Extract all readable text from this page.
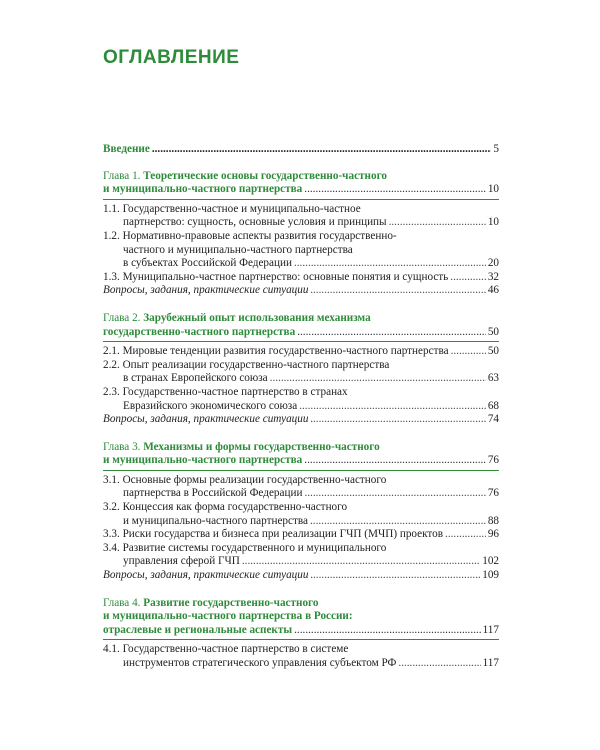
ОГЛАВЛЕНИЕ
Введение .....	5
Глава 1. Теоретические основы государственно-частного
и муниципально-частного партнерства .....	10
1.1. Государственно-частное и муниципально-частное
партнерство: сущность, основные условия и принципы .....	10
1.2. Нормативно-правовые аспекты развития государственно-
частного и муниципально-частного партнерства
в субъектах Российской Федерации .....	20
1.3. Муниципально-частное партнерство: основные понятия и сущность .....	32
Вопросы, задания, практические ситуации .....	46
Глава 2. Зарубежный опыт использования механизма
государственно-частного партнерства .....	50
2.1. Мировые тенденции развития государственно-частного партнерства .....	50
2.2. Опыт реализации государственно-частного партнерства
в странах Европейского союза .....	63
2.3. Государственно-частное партнерство в странах
Евразийского экономического союза .....	68
Вопросы, задания, практические ситуации .....	74
Глава 3. Механизмы и формы государственно-частного
и муниципально-частного партнерства .....	76
3.1. Основные формы реализации государственно-частного
партнерства в Российской Федерации .....	76
3.2. Концессия как форма государственно-частного
и муниципально-частного партнерства .....	88
3.3. Риски государства и бизнеса при реализации ГЧП (МЧП) проектов .....	96
3.4. Развитие системы государственного и муниципального
управления сферой ГЧП .....	102
Вопросы, задания, практические ситуации .....	109
Глава 4. Развитие государственно-частного
и муниципально-частного партнерства в России:
отраслевые и региональные аспекты .....	117
4.1. Государственно-частное партнерство в системе
инструментов стратегического управления субъектом РФ .....	117
